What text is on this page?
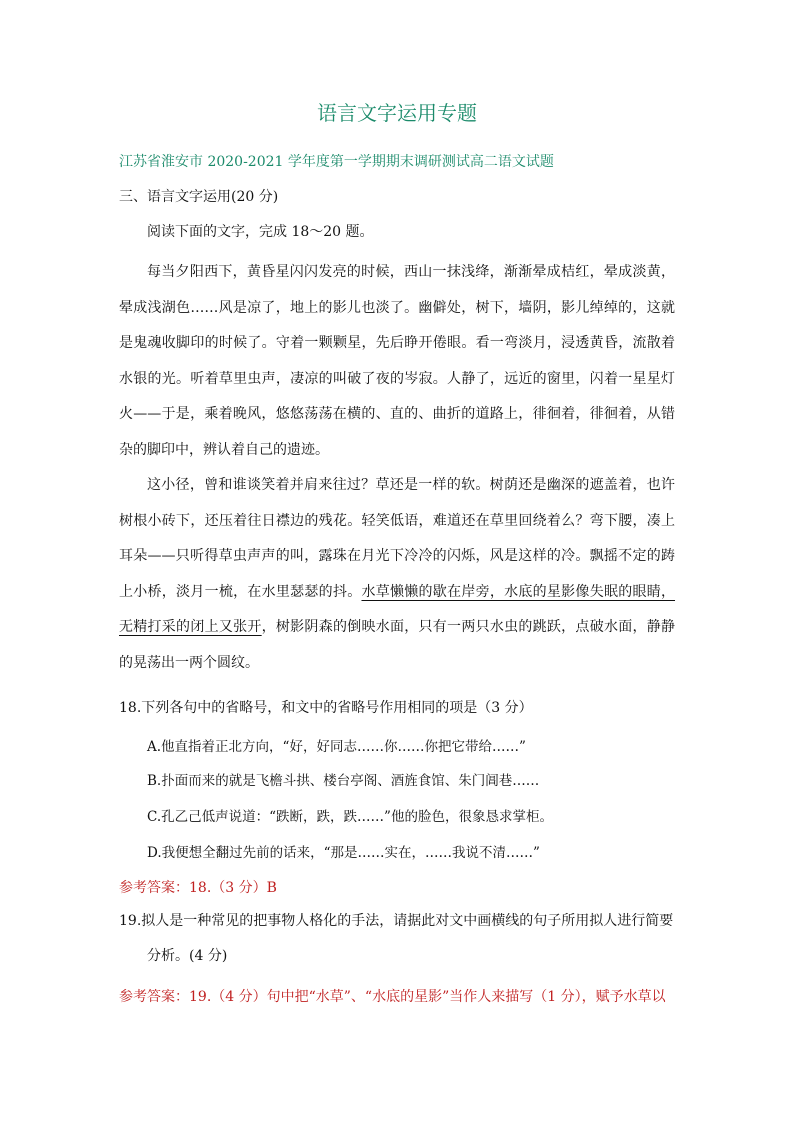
语言文字运用专题
江苏省淮安市 2020-2021 学年度第一学期期末调研测试高二语文试题
三、语言文字运用(20 分)
阅读下面的文字，完成 18～20 题。

每当夕阳西下，黄昏星闪闪发亮的时候，西山一抹浅绛，渐渐晕成桔红，晕成淡黄，晕成浅湖色……风是凉了，地上的影儿也淡了。幽僻处，树下，墙阴，影儿绰绰的，这就是鬼魂收脚印的时候了。守着一颗颗星，先后睁开倦眼。看一弯淡月，浸透黄昏，流散着水银的光。听着草里虫声，凄凉的叫破了夜的岑寂。人静了，远近的窗里，闪着一星星灯火——于是，乘着晚风，悠悠荡荡在横的、直的、曲折的道路上，徘徊着，徘徊着，从错杂的脚印中，辨认着自己的遗迹。

这小径，曾和谁谈笑着并肩来往过？草还是一样的软。树荫还是幽深的遮盖着，也许树根小砖下，还压着往日襟边的残花。轻笑低语，难道还在草里回绕着么？弯下腰，凑上耳朵——只听得草虫声声的叫，露珠在月光下冷冷的闪烁，风是这样的冷。飘摇不定的踌上小桥，淡月一梳，在水里瑟瑟的抖。水草懒懒的歇在岸旁，水底的星影像失眠的眼睛，无精打采的闭上又张开，树影阴森的倒映水面，只有一两只水虫的跳跃，点破水面，静静的晃荡出一两个圆纹。

18.下列各句中的省略号，和文中的省略号作用相同的项是（3 分）
A.他直指着正北方向，“好，好同志……你……你把它带给……”
B.扑面而来的就是飞檐斗拱、楼台亭阁、酒旌食馆、朱门阊巷……
C.孔乙己低声说道：“跌断，跌，跌……”他的脸色，很象恳求掌柜。
D.我便想全翻过先前的话来，“那是……实在，……我说不清……”
参考答案：18.（3 分）B
19.拟人是一种常见的把事物人格化的手法，请据此对文中画横线的句子所用拟人进行简要
分析。(4 分)
参考答案：19.（4 分）句中把“水草”、“水底的星影”当作人来描写（1 分），赋予水草以
